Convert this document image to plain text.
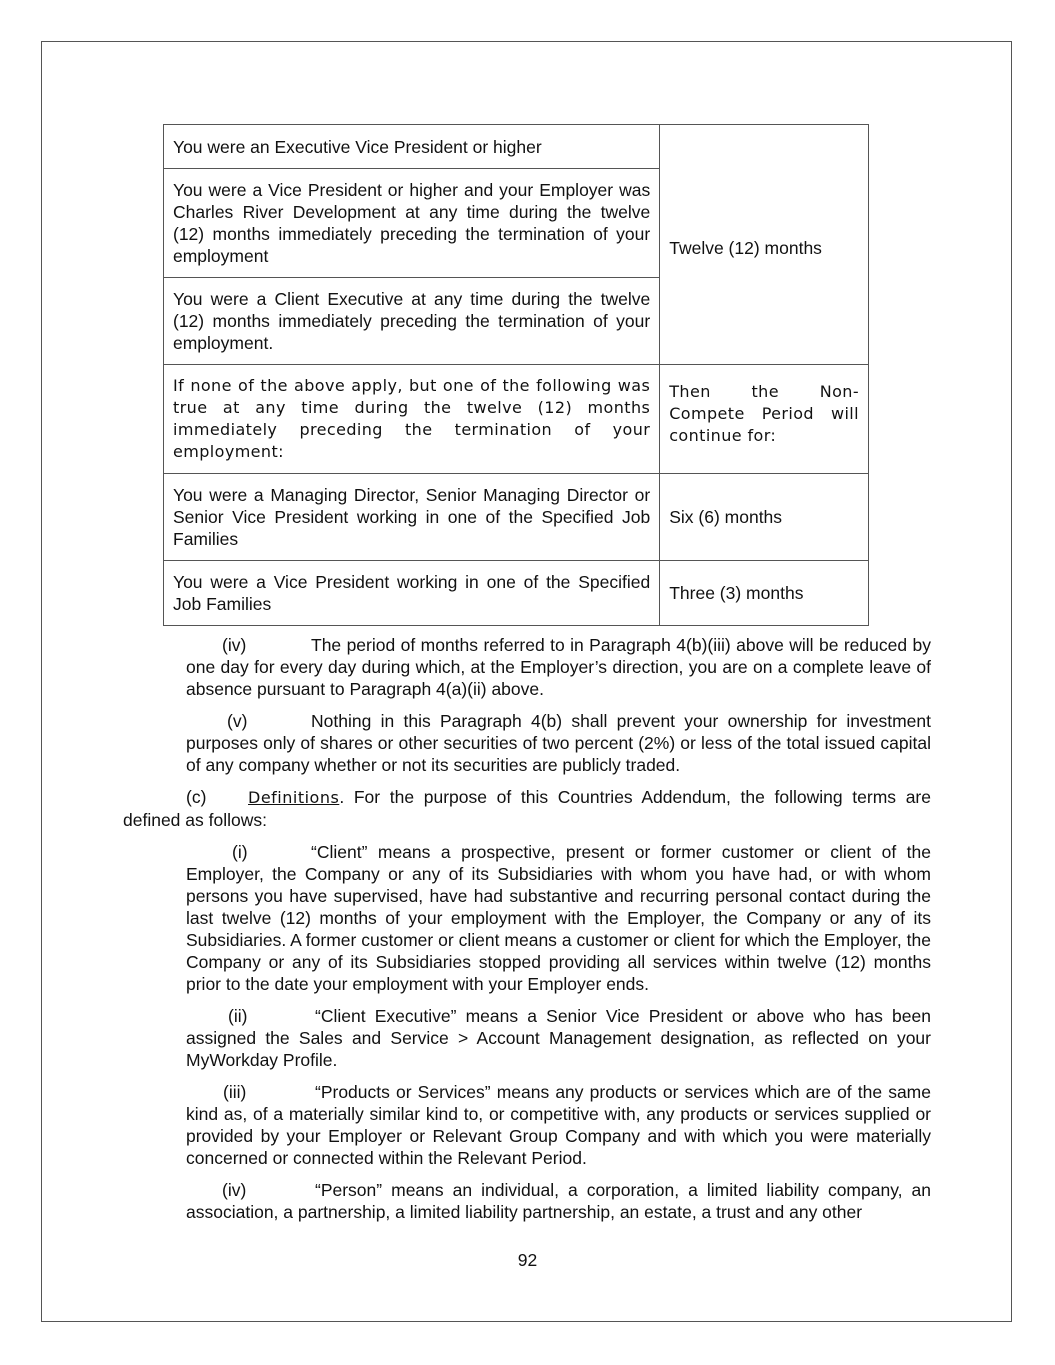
You were an Executive Vice President or higher	Twelve (12) months
You were a Vice President or higher and your Employer was Charles River Development at any time during the twelve (12) months immediately preceding the termination of your employment	
You were a Client Executive at any time during the twelve (12) months immediately preceding the termination of your employment.	
If none of the above apply, but one of the following was true at any time during the twelve (12) months immediately preceding the termination of your employment:	Then the Non-Compete Period will continue for:
You were a Managing Director, Senior Managing Director or Senior Vice President working in one of the Specified Job Families	Six (6) months
You were a Vice President working in one of the Specified Job Families	Three (3) months

(iv)	The period of months referred to in Paragraph 4(b)(iii) above will be reduced by one day for every day during which, at the Employer’s direction, you are on a complete leave of absence pursuant to Paragraph 4(a)(ii) above.

(v)	Nothing in this Paragraph 4(b) shall prevent your ownership for investment purposes only of shares or other securities of two percent (2%) or less of the total issued capital of any company whether or not its securities are publicly traded.

(c)	Definitions. For the purpose of this Countries Addendum, the following terms are defined as follows:

(i)	“Client” means a prospective, present or former customer or client of the Employer, the Company or any of its Subsidiaries with whom you have had, or with whom persons you have supervised, have had substantive and recurring personal contact during the last twelve (12) months of your employment with the Employer, the Company or any of its Subsidiaries. A former customer or client means a customer or client for which the Employer, the Company or any of its Subsidiaries stopped providing all services within twelve (12) months prior to the date your employment with your Employer ends.

(ii)	“Client Executive” means a Senior Vice President or above who has been assigned the Sales and Service > Account Management designation, as reflected on your MyWorkday Profile.

(iii)	“Products or Services” means any products or services which are of the same kind as, of a materially similar kind to, or competitive with, any products or services supplied or provided by your Employer or Relevant Group Company and with which you were materially concerned or connected within the Relevant Period.

(iv)	“Person” means an individual, a corporation, a limited liability company, an association, a partnership, a limited liability partnership, an estate, a trust and any other

92
